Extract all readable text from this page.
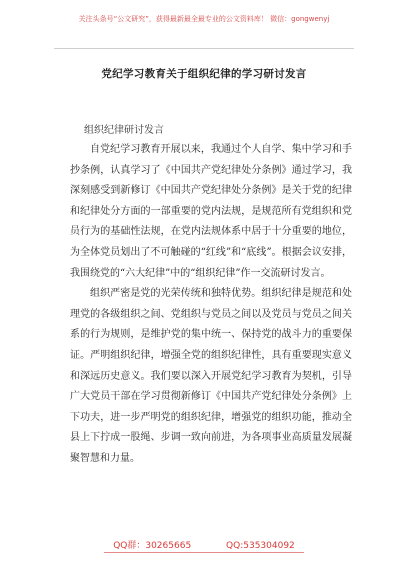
关注头条号“公文研究”，获得最新最全最专业的公文资料库！ 微信：gongwenyj
党纪学习教育关于组织纪律的学习研讨发言
组织纪律研讨发言

自党纪学习教育开展以来，我通过个人自学、集中学习和手抄条例，认真学习了《中国共产党纪律处分条例》通过学习，我深刻感受到新修订《中国共产党纪律处分条例》是关于党的纪律和纪律处分方面的一部重要的党内法规，是规范所有党组织和党员行为的基础性法规，在党内法规体系中居于十分重要的地位，为全体党员划出了不可触碰的“红线”和“底线”。根据会议安排，我围绕党的“六大纪律”中的“组织纪律”作一交流研讨发言。

组织严密是党的光荣传统和独特优势。组织纪律是规范和处理党的各级组织之间、党组织与党员之间以及党员与党员之间关系的行为规则，是维护党的集中统一、保持党的战斗力的重要保证。严明组织纪律，增强全党的组织纪律性，具有重要现实意义和深远历史意义。我们要以深入开展党纪学习教育为契机，引导广大党员干部在学习贯彻新修订《中国共产党纪律处分条例》上下功夫，进一步严明党的组织纪律，增强党的组织功能，推动全县上下拧成一股绳、步调一致向前进，为各项事业高质量发展凝聚智慧和力量。

QQ群：30265665	QQ:535304092
